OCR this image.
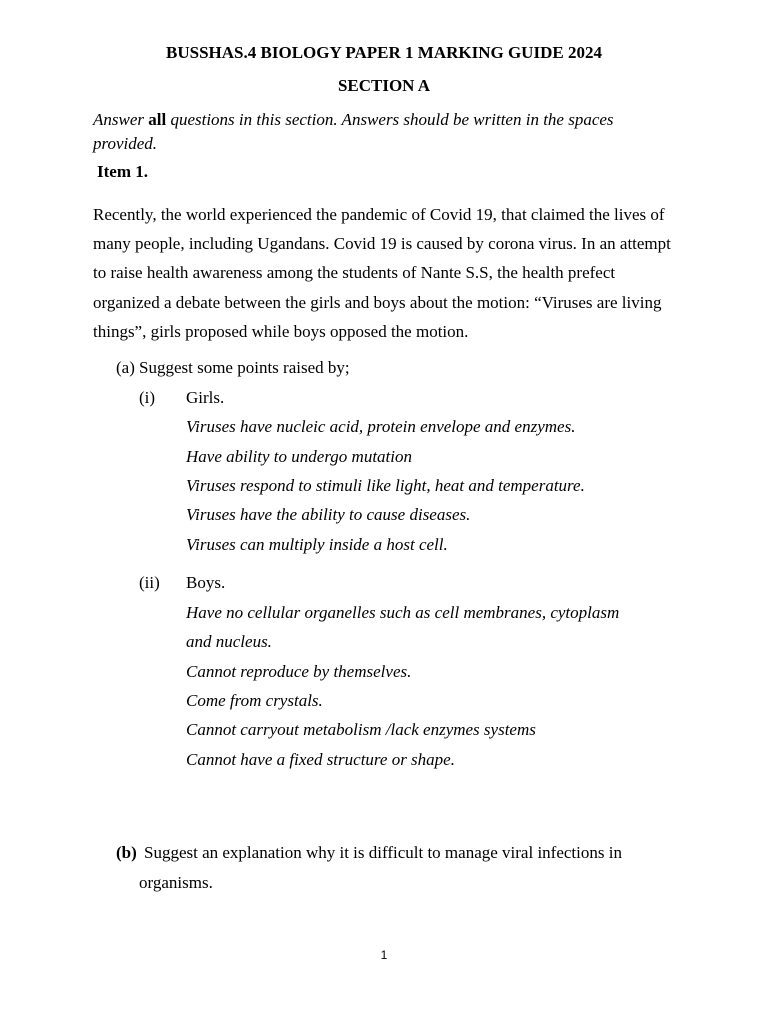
BUSSHAS.4 BIOLOGY PAPER 1 MARKING GUIDE 2024
SECTION A
Answer all questions in this section. Answers should be written in the spaces provided.
Item 1.
Recently, the world experienced the pandemic of Covid 19, that claimed the lives of many people, including Ugandans. Covid 19 is caused by corona virus. In an attempt to raise health awareness among the students of Nante S.S, the health prefect organized a debate between the girls and boys about the motion: “Viruses are living things”, girls proposed while boys opposed the motion.
(a) Suggest some points raised by;
(i) Girls.
Viruses have nucleic acid, protein envelope and enzymes.
Have ability to undergo mutation
Viruses respond to stimuli like light, heat and temperature.
Viruses have the ability to cause diseases.
Viruses can multiply inside a host cell.
(ii) Boys.
Have no cellular organelles such as cell membranes, cytoplasm
and nucleus.
Cannot reproduce by themselves.
Come from crystals.
Cannot carryout metabolism /lack enzymes systems
Cannot have a fixed structure or shape.
(b) Suggest an explanation why it is difficult to manage viral infections in
organisms.
1
